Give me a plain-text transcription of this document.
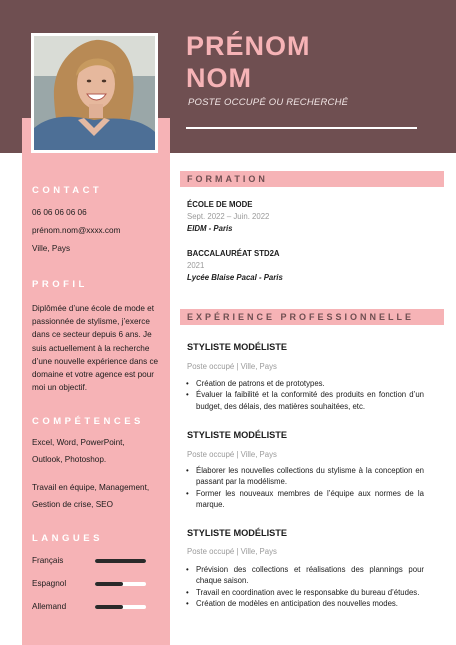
PRÉNOM
NOM
POSTE OCCUPÉ OU RECHERCHÉ
CONTACT
06 06 06 06 06
prénom.nom@xxxx.com
Ville, Pays
PROFIL
Diplômée d’une école de mode et
passionnée de stylisme, j’exerce
dans ce secteur depuis 6 ans. Je
suis actuellement à la recherche
d’une nouvelle expérience dans ce
domaine et votre agence est pour
moi un objectif.
COMPÉTENCES
Excel, Word, PowerPoint,
Outlook, Photoshop.
Travail en équipe, Management,
Gestion de crise, SEO
LANGUES
Français
Espagnol
Allemand
FORMATION
ÉCOLE DE MODE
Sept. 2022 – Juin. 2022
EIDM - Paris
BACCALAURÉAT STD2A
2021
Lycée Blaise Pacal - Paris
EXPÉRIENCE PROFESSIONNELLE
STYLISTE MODÉLISTE
Poste occupé | Ville, Pays
• Création de patrons et de prototypes.
• Évaluer la faibilité et la conformité des produits en fonction d’un budget, des délais, des matières souhaitées, etc.
STYLISTE MODÉLISTE
Poste occupé | Ville, Pays
• Élaborer les nouvelles collections du stylisme à la conception en passant par la modélisme.
• Former les nouveaux membres de l’équipe aux normes de la marque.
STYLISTE MODÉLISTE
Poste occupé | Ville, Pays
• Prévision des collections et réalisations des plannings pour chaque saison.
• Travail en coordination avec le responsabke du bureau d’études.
• Création de modèles en anticipation des nouvelles modes.
